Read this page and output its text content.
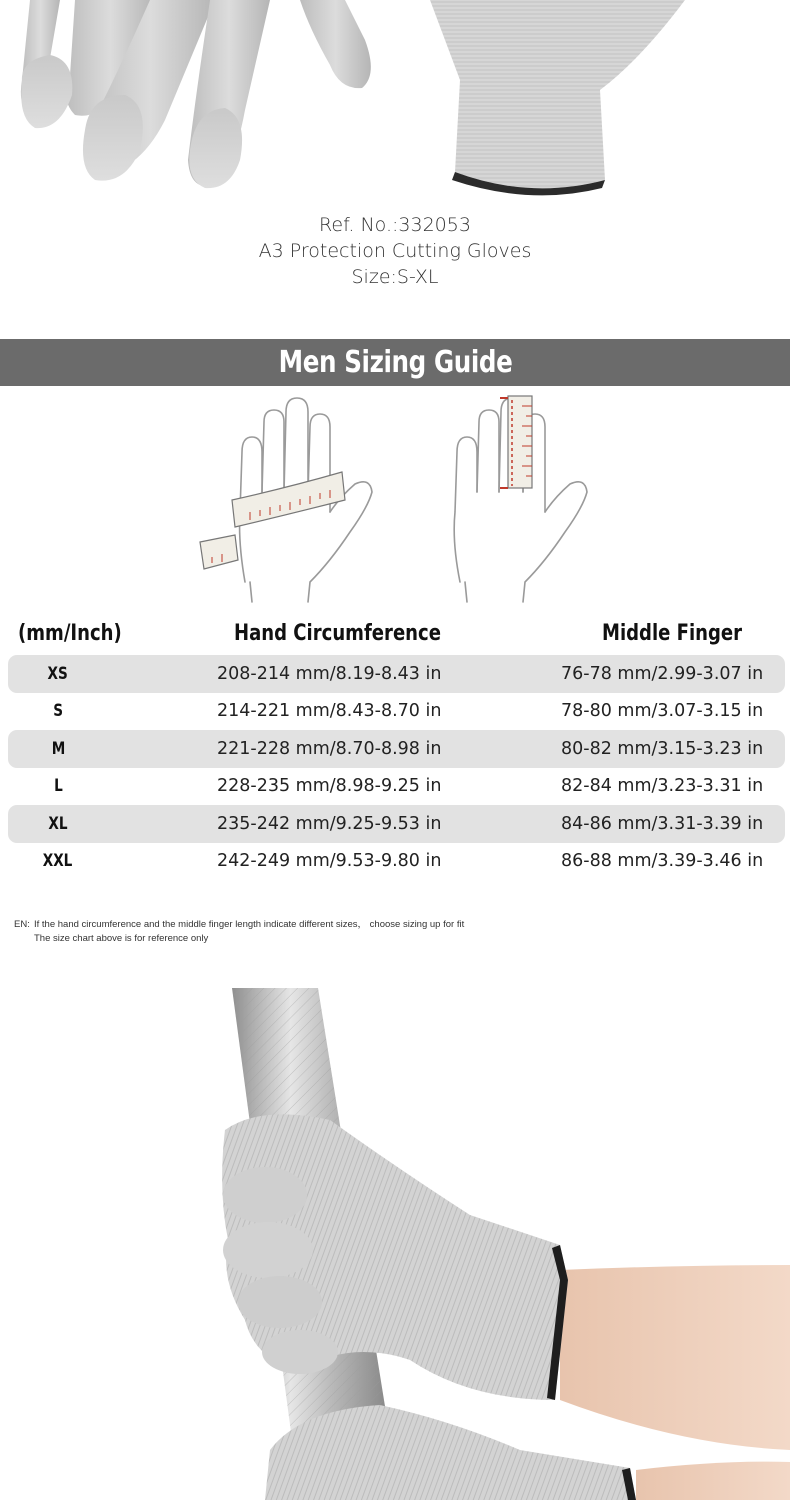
Ref. No.:332053
A3 Protection Cutting Gloves
Size:S-XL
Men Sizing Guide
(mm/Inch)	Hand Circumference	Middle Finger
XS	208-214 mm/8.19-8.43 in	76-78 mm/2.99-3.07 in
S	214-221 mm/8.43-8.70 in	78-80 mm/3.07-3.15 in
M	221-228 mm/8.70-8.98 in	80-82 mm/3.15-3.23 in
L	228-235 mm/8.98-9.25 in	82-84 mm/3.23-3.31 in
XL	235-242 mm/9.25-9.53 in	84-86 mm/3.31-3.39 in
XXL	242-249 mm/9.53-9.80 in	86-88 mm/3.39-3.46 in
EN: If the hand circumference and the middle finger length indicate different sizes， choose sizing up for fit
The size chart above is for reference only
